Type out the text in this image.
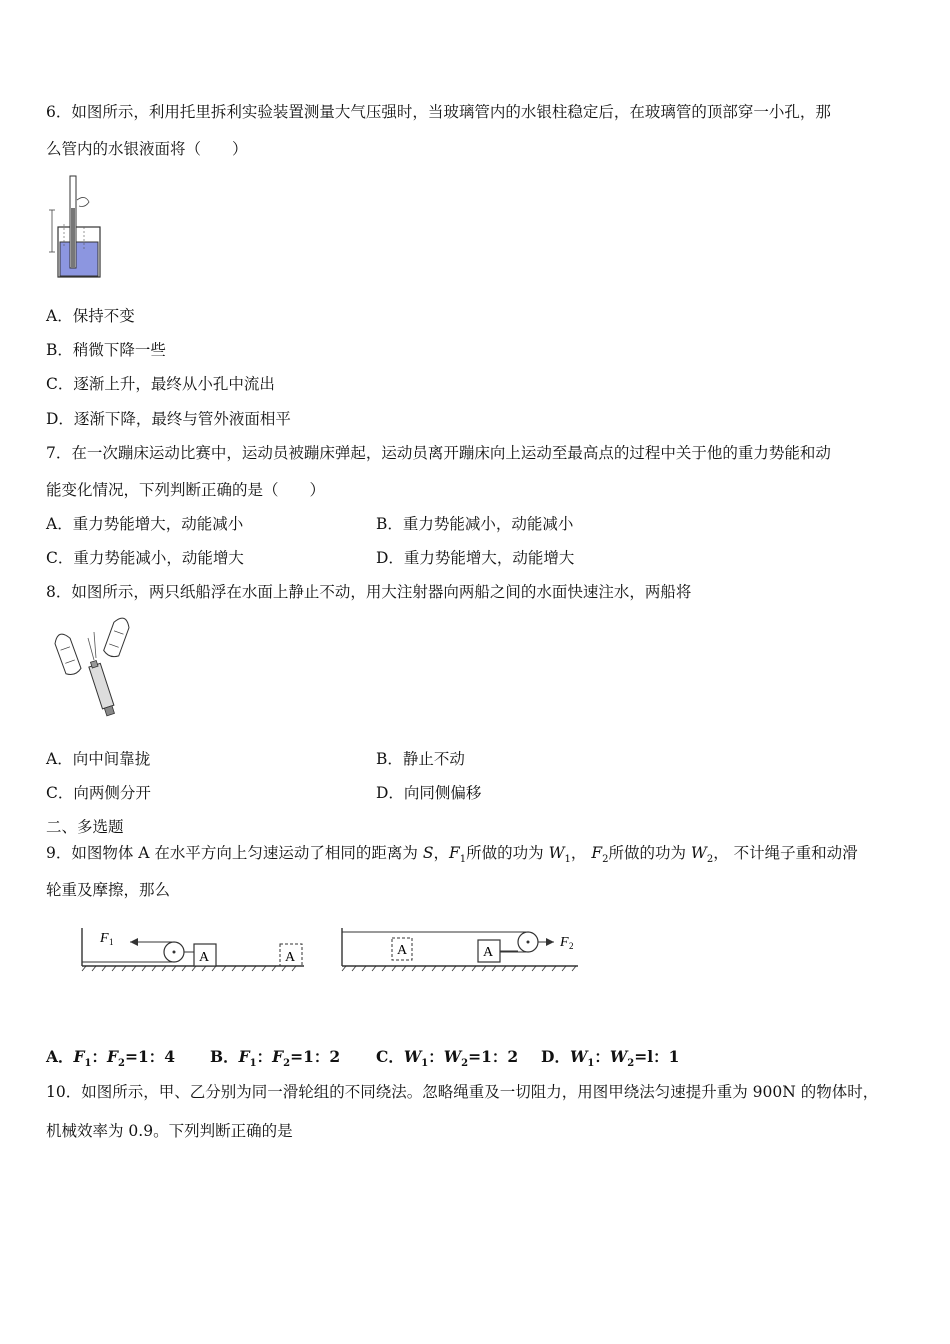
6．如图所示，利用托里拆利实验装置测量大气压强时，当玻璃管内的水银柱稳定后，在玻璃管的顶部穿一小孔，那
么管内的水银液面将（　　）
A．保持不变
B．稍微下降一些
C．逐渐上升，最终从小孔中流出
D．逐渐下降，最终与管外液面相平
7．在一次蹦床运动比赛中，运动员被蹦床弹起，运动员离开蹦床向上运动至最高点的过程中关于他的重力势能和动
能变化情况，下列判断正确的是（　　）
A．重力势能增大，动能减小	B．重力势能减小，动能减小
C．重力势能减小，动能增大	D．重力势能增大，动能增大
8．如图所示，两只纸船浮在水面上静止不动，用大注射器向两船之间的水面快速注水，两船将
A．向中间靠拢	B．静止不动
C．向两侧分开	D．向同侧偏移
二、多选题
9．如图物体 A 在水平方向上匀速运动了相同的距离为 S，$F_1$所做的功为 $W_1$， $F_2$所做的功为 $W_2$， 不计绳子重和动滑
轮重及摩擦，那么
F 1
A	A	A	A
F 2
A．$F_1$：$F_2=1$：4 B．$F_1$：$F_2=1$：2 C．$W_1$：$W_2=1$：2 D．$W_1$：$W_2=l$：1
10．如图所示，甲、乙分别为同一滑轮组的不同绕法。忽略绳重及一切阻力，用图甲绕法匀速提升重为 900N 的物体时，
机械效率为 0.9。下列判断正确的是
